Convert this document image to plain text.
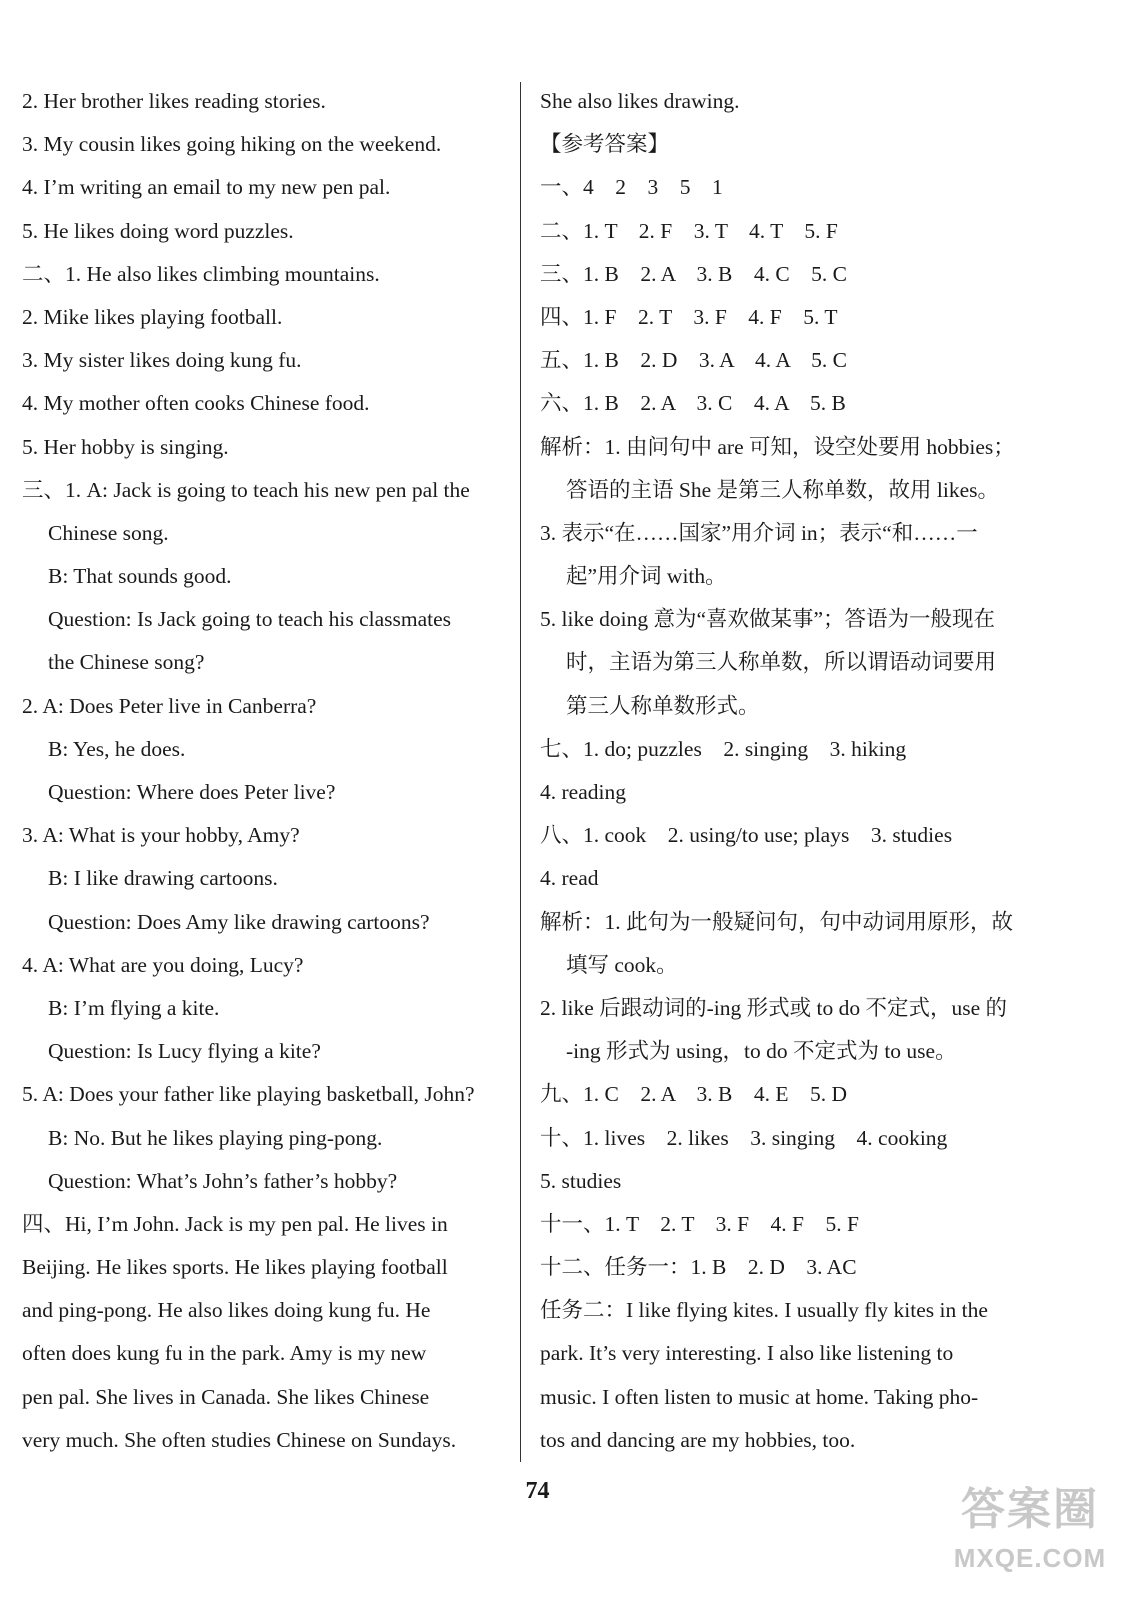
2. Her brother likes reading stories.
3. My cousin likes going hiking on the weekend.
4. I’m writing an email to my new pen pal.
5. He likes doing word puzzles.
二、1. He also likes climbing mountains.
2. Mike likes playing football.
3. My sister likes doing kung fu.
4. My mother often cooks Chinese food.
5. Her hobby is singing.
三、1. A: Jack is going to teach his new pen pal the
Chinese song.
B: That sounds good.
Question: Is Jack going to teach his classmates
the Chinese song?
2. A: Does Peter live in Canberra?
B: Yes, he does.
Question: Where does Peter live?
3. A: What is your hobby, Amy?
B: I like drawing cartoons.
Question: Does Amy like drawing cartoons?
4. A: What are you doing, Lucy?
B: I’m flying a kite.
Question: Is Lucy flying a kite?
5. A: Does your father like playing basketball, John?
B: No. But he likes playing ping-pong.
Question: What’s John’s father’s hobby?
四、Hi, I’m John. Jack is my pen pal. He lives in
Beijing. He likes sports. He likes playing football
and ping-pong. He also likes doing kung fu. He
often does kung fu in the park. Amy is my new
pen pal. She lives in Canada. She likes Chinese
very much. She often studies Chinese on Sundays.
She also likes drawing.
【参考答案】
一、4　2　3　5　1
二、1. T　2. F　3. T　4. T　5. F
三、1. B　2. A　3. B　4. C　5. C
四、1. F　2. T　3. F　4. F　5. T
五、1. B　2. D　3. A　4. A　5. C
六、1. B　2. A　3. C　4. A　5. B
解析：1. 由问句中 are 可知，设空处要用 hobbies；
答语的主语 She 是第三人称单数，故用 likes。
3. 表示“在……国家”用介词 in；表示“和……一
起”用介词 with。
5. like doing 意为“喜欢做某事”；答语为一般现在
时，主语为第三人称单数，所以谓语动词要用
第三人称单数形式。
七、1. do; puzzles　2. singing　3. hiking
4. reading
八、1. cook　2. using/to use; plays　3. studies
4. read
解析：1. 此句为一般疑问句，句中动词用原形，故
填写 cook。
2. like 后跟动词的-ing 形式或 to do 不定式，use 的
-ing 形式为 using，to do 不定式为 to use。
九、1. C　2. A　3. B　4. E　5. D
十、1. lives　2. likes　3. singing　4. cooking
5. studies
十一、1. T　2. T　3. F　4. F　5. F
十二、任务一：1. B　2. D　3. AC
任务二：I like flying kites. I usually fly kites in the
park. It’s very interesting. I also like listening to
music. I often listen to music at home. Taking pho-
tos and dancing are my hobbies, too.
74	答案圈
MXQE.COM
